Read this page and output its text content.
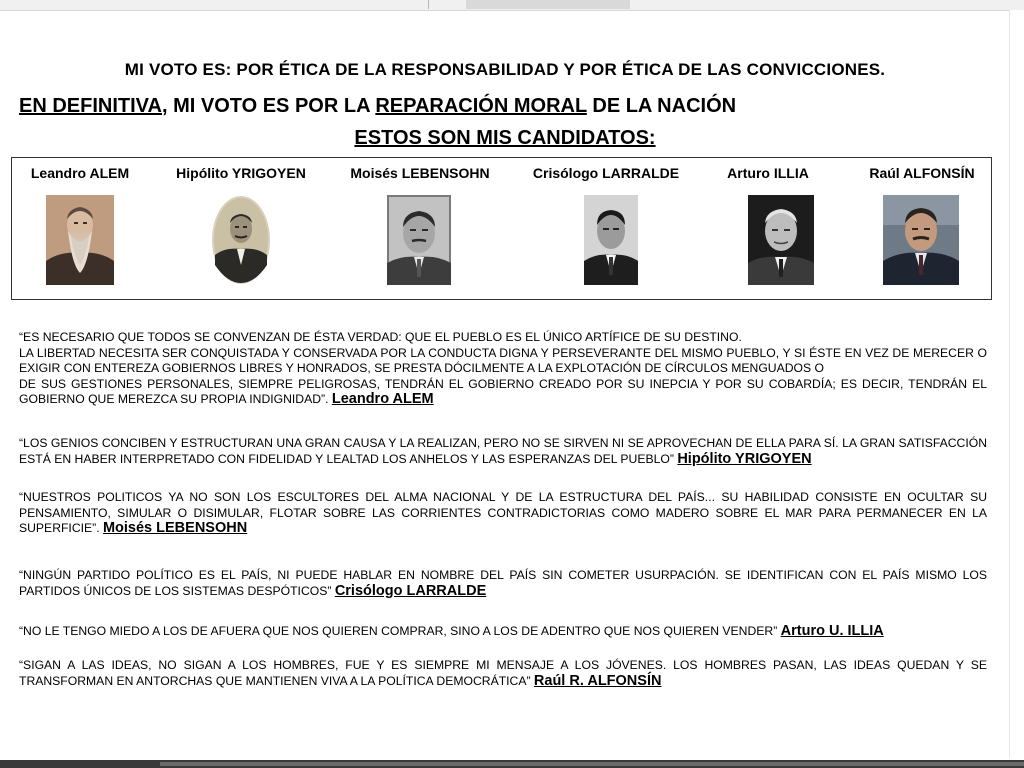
MI VOTO ES: POR ÉTICA DE LA RESPONSABILIDAD Y POR ÉTICA DE LAS CONVICCIONES.
EN DEFINITIVA, MI VOTO ES POR LA REPARACIÓN MORAL DE LA NACIÓN
ESTOS SON MIS CANDIDATOS:
Leandro ALEM	Hipólito YRIGOYEN	Moisés LEBENSOHN	Crisólogo LARRALDE	Arturo ILLIA	Raúl ALFONSÍN

“ES NECESARIO QUE TODOS SE CONVENZAN DE ÉSTA VERDAD: QUE EL PUEBLO ES EL ÚNICO ARTÍFICE DE SU DESTINO.

LA LIBERTAD NECESITA SER CONQUISTADA Y CONSERVADA POR LA CONDUCTA DIGNA Y PERSEVERANTE DEL MISMO PUEBLO, Y SI ÉSTE EN VEZ DE MERECER O EXIGIR CON ENTEREZA GOBIERNOS LIBRES Y HONRADOS, SE PRESTA DÓCILMENTE A LA EXPLOTACIÓN DE CÍRCULOS MENGUADOS O

DE SUS GESTIONES PERSONALES, SIEMPRE PELIGROSAS, TENDRÁN EL GOBIERNO CREADO POR SU INEPCIA Y POR SU COBARDÍA; ES DECIR, TENDRÁN EL GOBIERNO QUE MEREZCA SU PROPIA INDIGNIDAD”. Leandro ALEM

“LOS GENIOS CONCIBEN Y ESTRUCTURAN UNA GRAN CAUSA Y LA REALIZAN, PERO NO SE SIRVEN NI SE APROVECHAN DE ELLA PARA SÍ. LA GRAN SATISFACCIÓN ESTÁ EN HABER INTERPRETADO CON FIDELIDAD Y LEALTAD LOS ANHELOS Y LAS ESPERANZAS DEL PUEBLO” Hipólito YRIGOYEN

“NUESTROS POLITICOS YA NO SON LOS ESCULTORES DEL ALMA NACIONAL Y DE LA ESTRUCTURA DEL PAÍS... SU HABILIDAD CONSISTE EN OCULTAR SU PENSAMIENTO, SIMULAR O DISIMULAR, FLOTAR SOBRE LAS CORRIENTES CONTRADICTORIAS COMO MADERO SOBRE EL MAR PARA PERMANECER EN LA SUPERFICIE”. Moisés LEBENSOHN

“NINGÚN PARTIDO POLÍTICO ES EL PAÍS, NI PUEDE HABLAR EN NOMBRE DEL PAÍS SIN COMETER USURPACIÓN. SE IDENTIFICAN CON EL PAÍS MISMO LOS PARTIDOS ÚNICOS DE LOS SISTEMAS DESPÓTICOS” Crisólogo LARRALDE

“NO LE TENGO MIEDO A LOS DE AFUERA QUE NOS QUIEREN COMPRAR, SINO A LOS DE ADENTRO QUE NOS QUIEREN VENDER” Arturo U. ILLIA

“SIGAN A LAS IDEAS, NO SIGAN A LOS HOMBRES, FUE Y ES SIEMPRE MI MENSAJE A LOS JÓVENES. LOS HOMBRES PASAN, LAS IDEAS QUEDAN Y SE TRANSFORMAN EN ANTORCHAS QUE MANTIENEN VIVA A LA POLÍTICA DEMOCRÁTICA” Raúl R. ALFONSÍN
